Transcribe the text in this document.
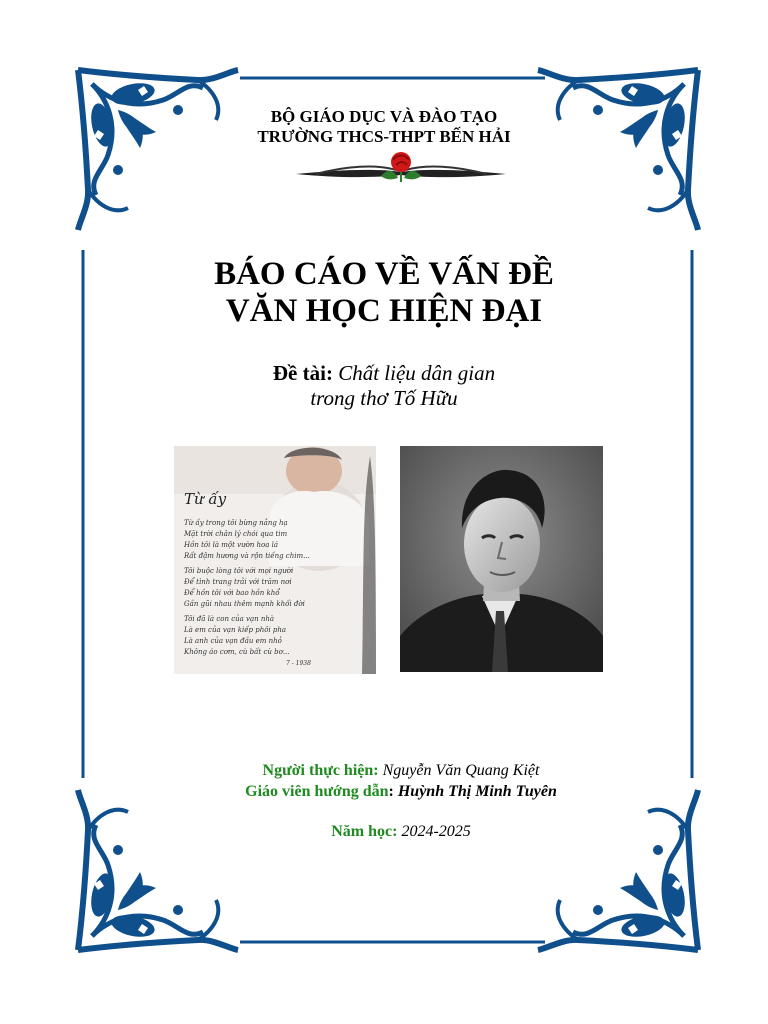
BỘ GIÁO DỤC VÀ ĐÀO TẠO
TRƯỜNG THCS-THPT BẾN HẢI
BÁO CÁO VỀ VẤN ĐỀ
VĂN HỌC HIỆN ĐẠI
Đề tài: Chất liệu dân gian
trong thơ Tố Hữu
Từ ấy
Từ ấy trong tôi bừng nắng hạ
Mặt trời chân lý chói qua tim
Hồn tôi là một vườn hoa lá
Rất đậm hương và rộn tiếng chim...
Tôi buộc lòng tôi với mọi người
Để tình trang trải với trăm nơi
Để hồn tôi với bao hồn khổ
Gần gũi nhau thêm mạnh khối đời
Tôi đã là con của vạn nhà
Là em của vạn kiếp phôi pha
Là anh của vạn đầu em nhỏ
Không áo cơm, cù bất cù bơ...
7 - 1938
Người thực hiện: Nguyễn Văn Quang Kiệt
Giáo viên hướng dẫn: Huỳnh Thị Minh Tuyên
Năm học: 2024-2025
